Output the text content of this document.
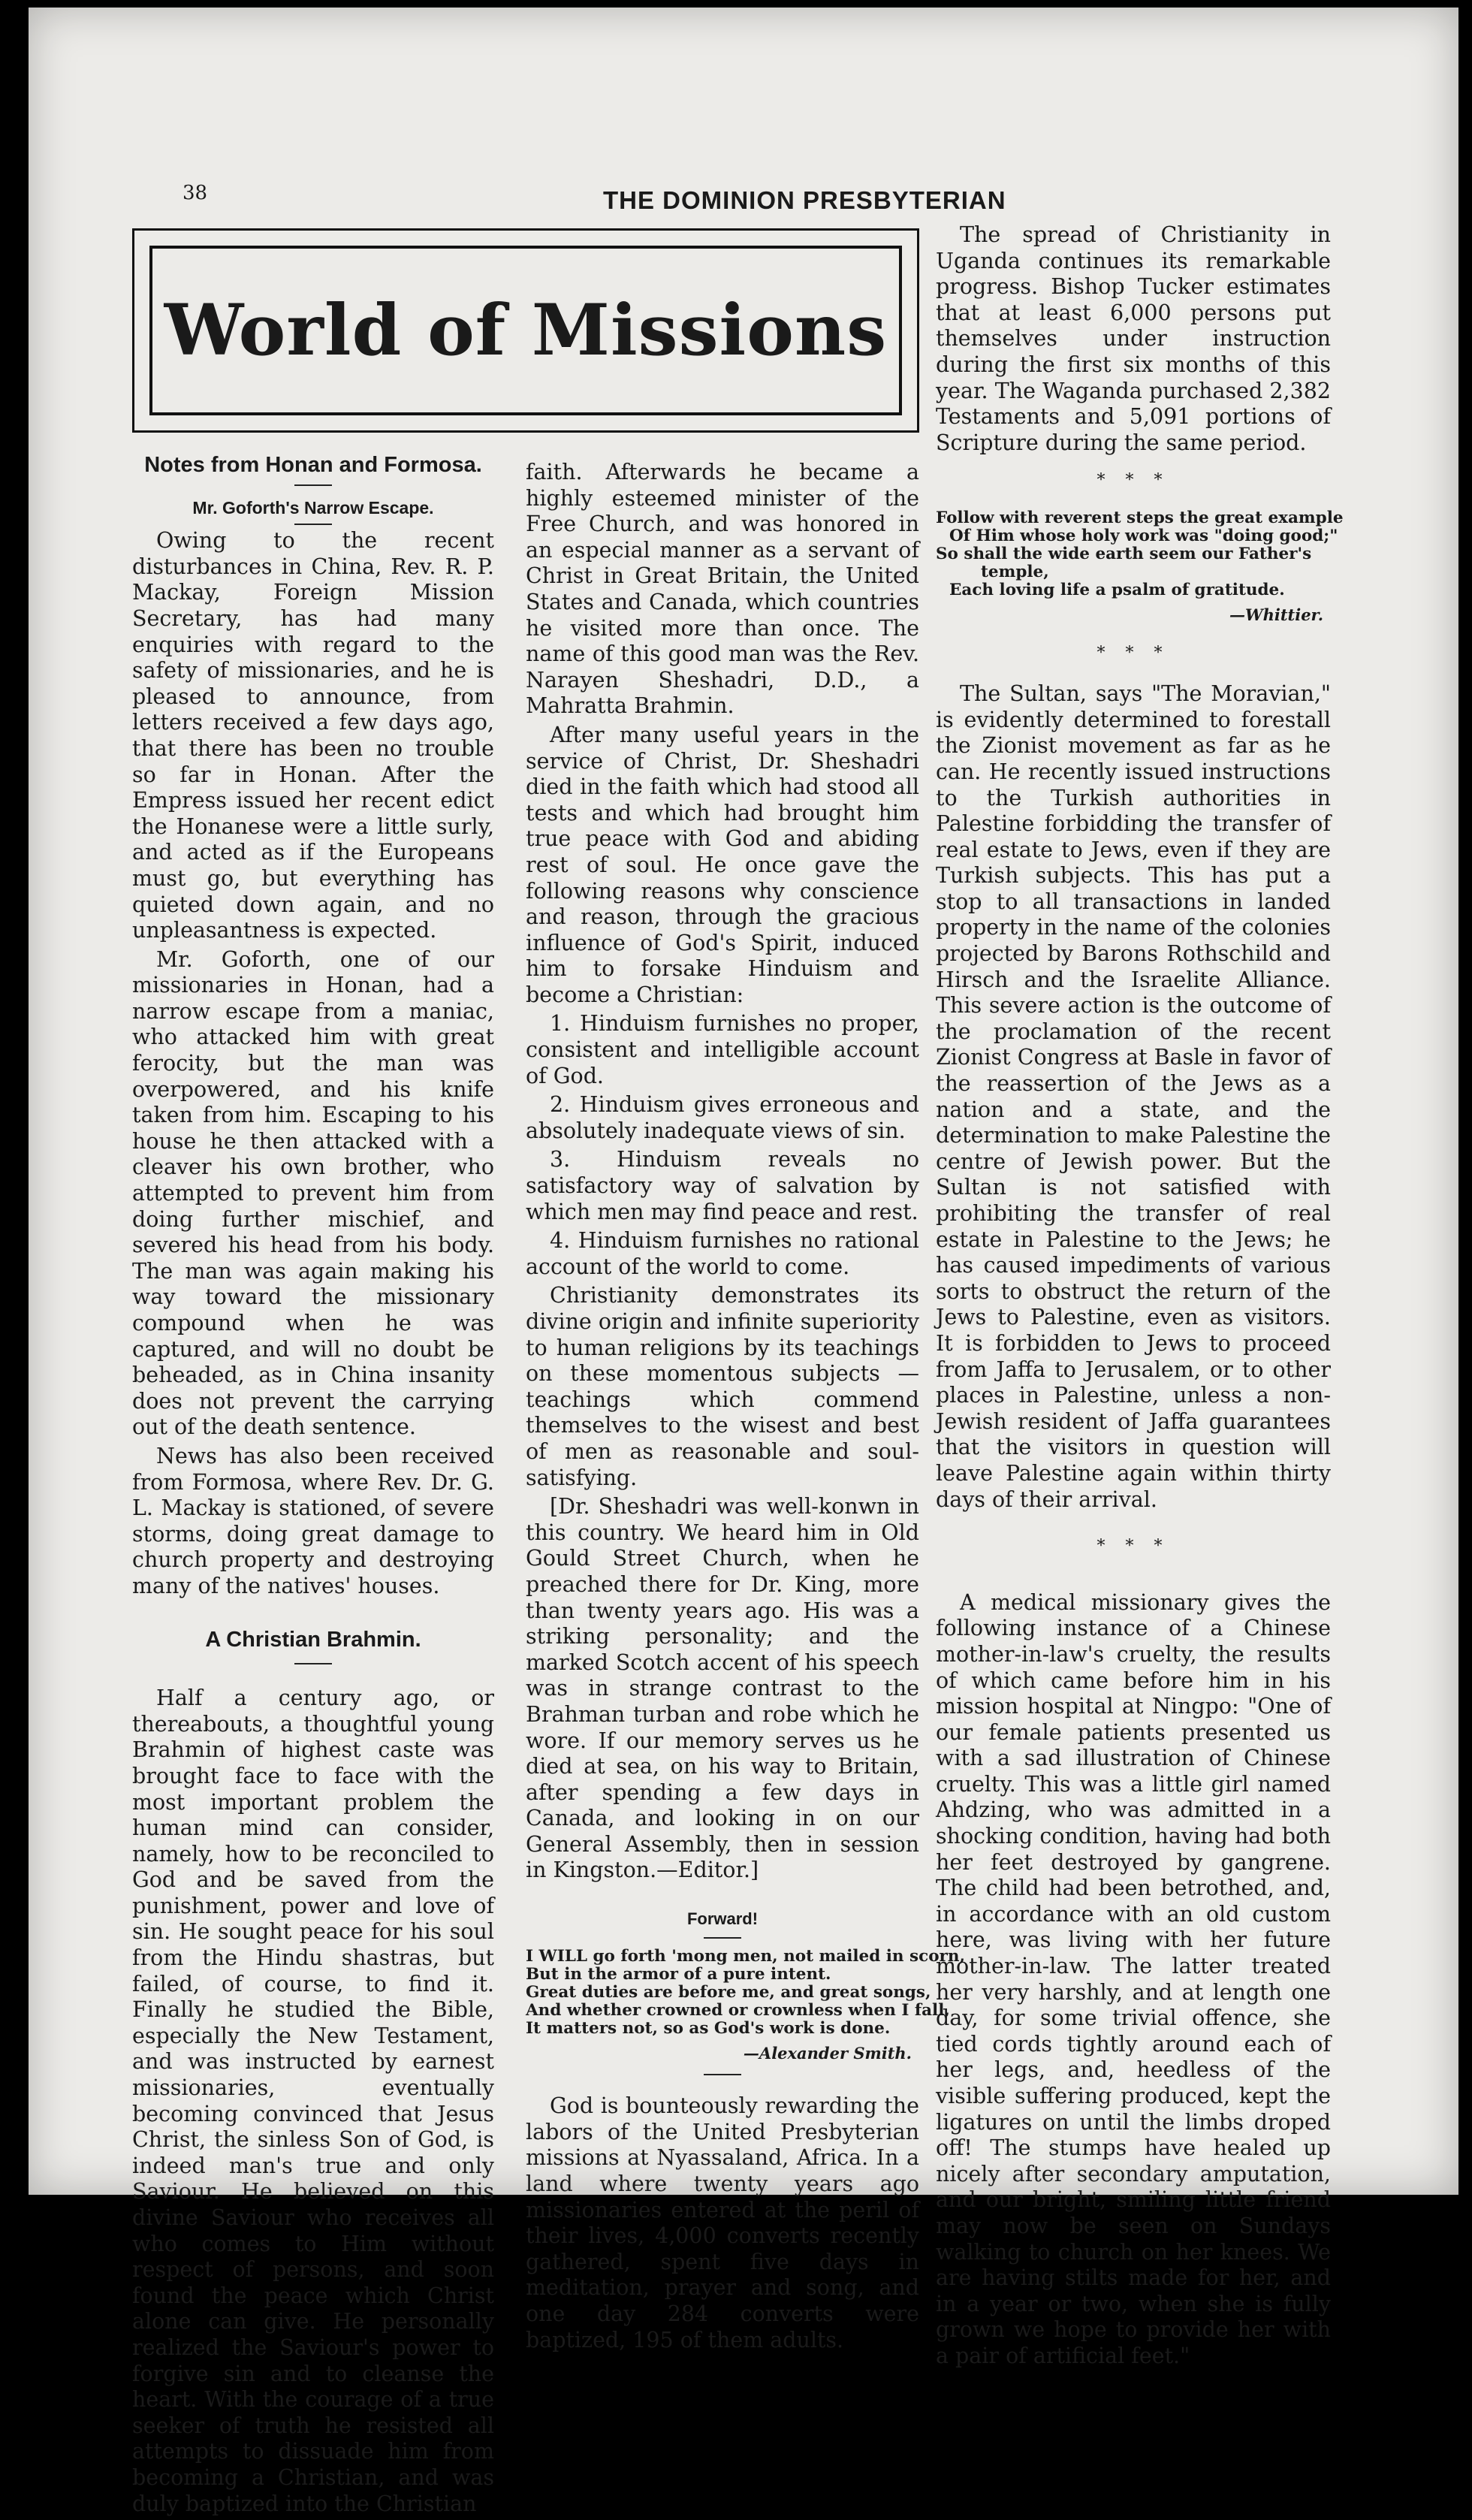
38	THE DOMINION PRESBYTERIAN
World of Missions
Notes from Honan and Formosa.
Mr. Goforth's Narrow Escape.

Owing to the recent disturbances in China, Rev. R. P. Mackay, Foreign Mission Secretary, has had many enquiries with regard to the safety of missionaries, and he is pleased to announce, from letters received a few days ago, that there has been no trouble so far in Honan. After the Empress issued her recent edict the Honanese were a little surly, and acted as if the Europeans must go, but everything has quieted down again, and no unpleasantness is expected.

Mr. Goforth, one of our missionaries in Honan, had a narrow escape from a maniac, who attacked him with great ferocity, but the man was overpowered, and his knife taken from him. Escaping to his house he then attacked with a cleaver his own brother, who attempted to prevent him from doing further mischief, and severed his head from his body. The man was again making his way toward the missionary compound when he was captured, and will no doubt be beheaded, as in China insanity does not prevent the carrying out of the death sentence.

News has also been received from Formosa, where Rev. Dr. G. L. Mackay is stationed, of severe storms, doing great damage to church property and destroying many of the natives' houses.

A Christian Brahmin.

Half a century ago, or thereabouts, a thoughtful young Brahmin of highest caste was brought face to face with the most important problem the human mind can consider, namely, how to be reconciled to God and be saved from the punishment, power and love of sin. He sought peace for his soul from the Hindu shastras, but failed, of course, to find it. Finally he studied the Bible, especially the New Testament, and was instructed by earnest missionaries, eventually becoming convinced that Jesus Christ, the sinless Son of God, is indeed man's true and only Saviour. He believed on this divine Saviour who receives all who comes to Him without respect of persons, and soon found the peace which Christ alone can give. He personally realized the Saviour's power to forgive sin and to cleanse the heart. With the courage of a true seeker of truth he resisted all attempts to dissuade him from becoming a Christian, and was duly baptized into the Christian

faith. Afterwards he became a highly esteemed minister of the Free Church, and was honored in an especial manner as a servant of Christ in Great Britain, the United States and Canada, which countries he visited more than once. The name of this good man was the Rev. Narayen Sheshadri, D.D., a Mahratta Brahmin.

After many useful years in the service of Christ, Dr. Sheshadri died in the faith which had stood all tests and which had brought him true peace with God and abiding rest of soul. He once gave the following reasons why conscience and reason, through the gracious influence of God's Spirit, induced him to forsake Hinduism and become a Christian:

1. Hinduism furnishes no proper, consistent and intelligible account of God.

2. Hinduism gives erroneous and absolutely inadequate views of sin.

3. Hinduism reveals no satisfactory way of salvation by which men may find peace and rest.

4. Hinduism furnishes no rational account of the world to come.

Christianity demonstrates its divine origin and infinite superiority to human religions by its teachings on these momentous subjects — teachings which commend themselves to the wisest and best of men as reasonable and soul-satisfying.

[Dr. Sheshadri was well-konwn in this country. We heard him in Old Gould Street Church, when he preached there for Dr. King, more than twenty years ago. His was a striking personality; and the marked Scotch accent of his speech was in strange contrast to the Brahman turban and robe which he wore. If our memory serves us he died at sea, on his way to Britain, after spending a few days in Canada, and looking in on our General Assembly, then in session in Kingston.—Editor.]

Forward!
I WILL go forth 'mong men, not mailed in scorn,
But in the armor of a pure intent.
Great duties are before me, and great songs,
And whether crowned or crownless when I fall,
It matters not, so as God's work is done.
—Alexander Smith.

God is bounteously rewarding the labors of the United Presbyterian missions at Nyassaland, Africa. In a land where twenty years ago missionaries entered at the peril of their lives, 4,000 converts recently gathered, spent five days in meditation, prayer and song, and one day 284 converts were baptized, 195 of them adults.

The spread of Christianity in Uganda continues its remarkable progress. Bishop Tucker estimates that at least 6,000 persons put themselves under instruction during the first six months of this year. The Waganda purchased 2,382 Testaments and 5,091 portions of Scripture during the same period.

* * *
Follow with reverent steps the great example
Of Him whose holy work was "doing good;"
So shall the wide earth seem our Father's
temple,
Each loving life a psalm of gratitude.
—Whittier.
* * *

The Sultan, says "The Moravian," is evidently determined to forestall the Zionist movement as far as he can. He recently issued instructions to the Turkish authorities in Palestine forbidding the transfer of real estate to Jews, even if they are Turkish subjects. This has put a stop to all transactions in landed property in the name of the colonies projected by Barons Rothschild and Hirsch and the Israelite Alliance. This severe action is the outcome of the proclamation of the recent Zionist Congress at Basle in favor of the reassertion of the Jews as a nation and a state, and the determination to make Palestine the centre of Jewish power. But the Sultan is not satisfied with prohibiting the transfer of real estate in Palestine to the Jews; he has caused impediments of various sorts to obstruct the return of the Jews to Palestine, even as visitors. It is forbidden to Jews to proceed from Jaffa to Jerusalem, or to other places in Palestine, unless a non-Jewish resident of Jaffa guarantees that the visitors in question will leave Palestine again within thirty days of their arrival.

* * *

A medical missionary gives the following instance of a Chinese mother-in-law's cruelty, the results of which came before him in his mission hospital at Ningpo: "One of our female patients presented us with a sad illustration of Chinese cruelty. This was a little girl named Ahdzing, who was admitted in a shocking condition, having had both her feet destroyed by gangrene. The child had been betrothed, and, in accordance with an old custom here, was living with her future mother-in-law. The latter treated her very harshly, and at length one day, for some trivial offence, she tied cords tightly around each of her legs, and, heedless of the visible suffering produced, kept the ligatures on until the limbs droped off! The stumps have healed up nicely after secondary amputation, and our bright, smiling little friend may now be seen on Sundays walking to church on her knees. We are having stilts made for her, and in a year or two, when she is fully grown we hope to provide her with a pair of artificial feet."
